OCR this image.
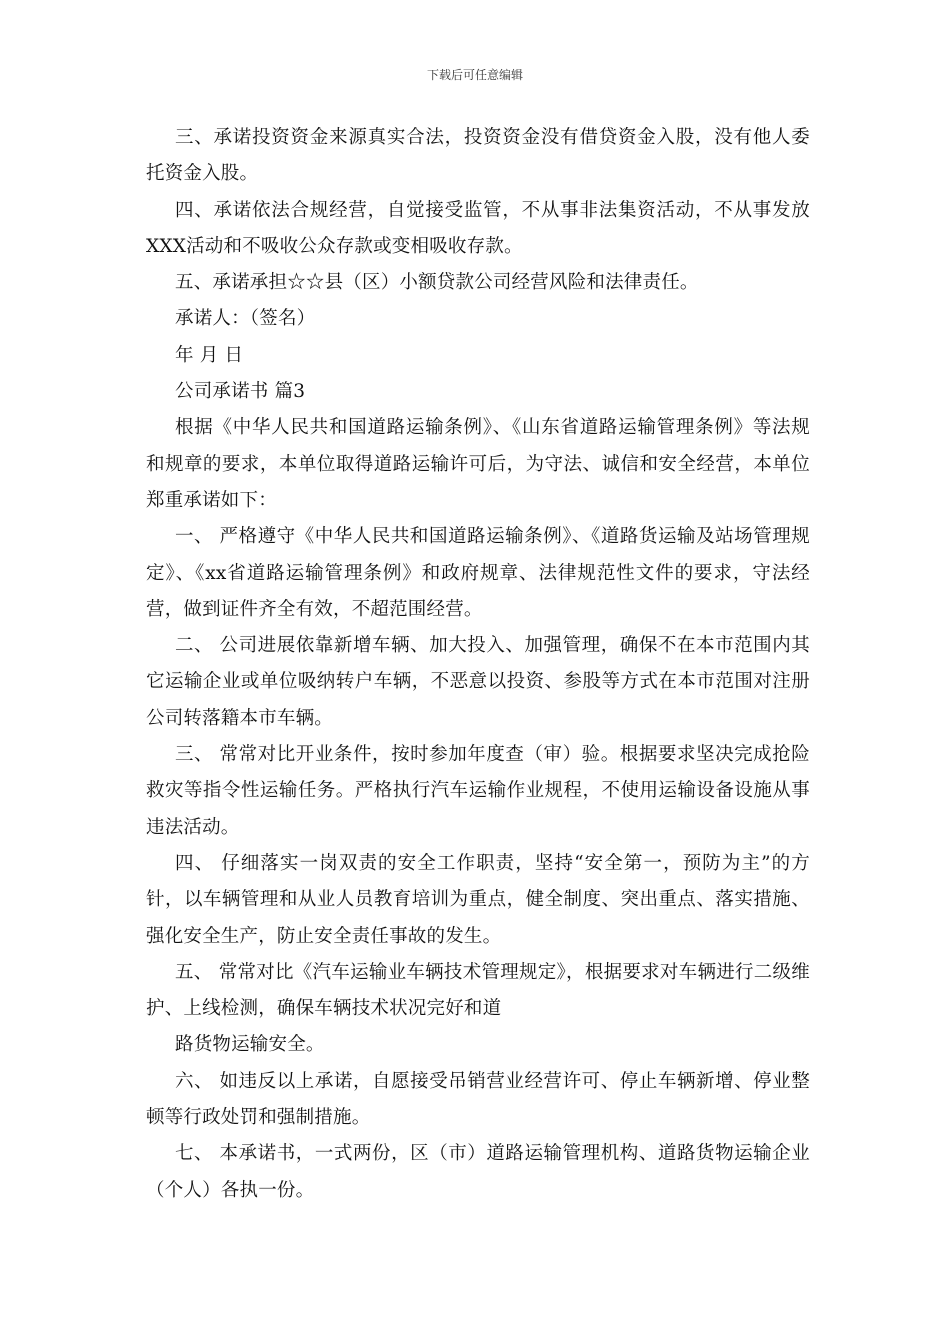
下载后可任意编辑

三、承诺投资资金来源真实合法，投资资金没有借贷资金入股，没有他人委托资金入股。

四、承诺依法合规经营，自觉接受监管，不从事非法集资活动，不从事发放XXX活动和不吸收公众存款或变相吸收存款。

五、承诺承担☆☆县（区）小额贷款公司经营风险和法律责任。

承诺人：（签名）

年 月 日

公司承诺书 篇3

根据《中华人民共和国道路运输条例》、《山东省道路运输管理条例》等法规和规章的要求，本单位取得道路运输许可后，为守法、诚信和安全经营，本单位郑重承诺如下：

一、 严格遵守《中华人民共和国道路运输条例》、《道路货运输及站场管理规定》、《xx省道路运输管理条例》和政府规章、法律规范性文件的要求，守法经营，做到证件齐全有效，不超范围经营。

二、 公司进展依靠新增车辆、加大投入、加强管理，确保不在本市范围内其它运输企业或单位吸纳转户车辆，不恶意以投资、参股等方式在本市范围对注册公司转落籍本市车辆。

三、 常常对比开业条件，按时参加年度查（审）验。根据要求坚决完成抢险救灾等指令性运输任务。严格执行汽车运输作业规程，不使用运输设备设施从事违法活动。

四、 仔细落实一岗双责的安全工作职责，坚持“安全第一，预防为主”的方针，以车辆管理和从业人员教育培训为重点，健全制度、突出重点、落实措施、强化安全生产，防止安全责任事故的发生。

五、 常常对比《汽车运输业车辆技术管理规定》，根据要求对车辆进行二级维护、上线检测，确保车辆技术状况完好和道

路货物运输安全。

六、 如违反以上承诺，自愿接受吊销营业经营许可、停止车辆新增、停业整顿等行政处罚和强制措施。

七、 本承诺书，一式两份，区（市）道路运输管理机构、道路货物运输企业（个人）各执一份。
